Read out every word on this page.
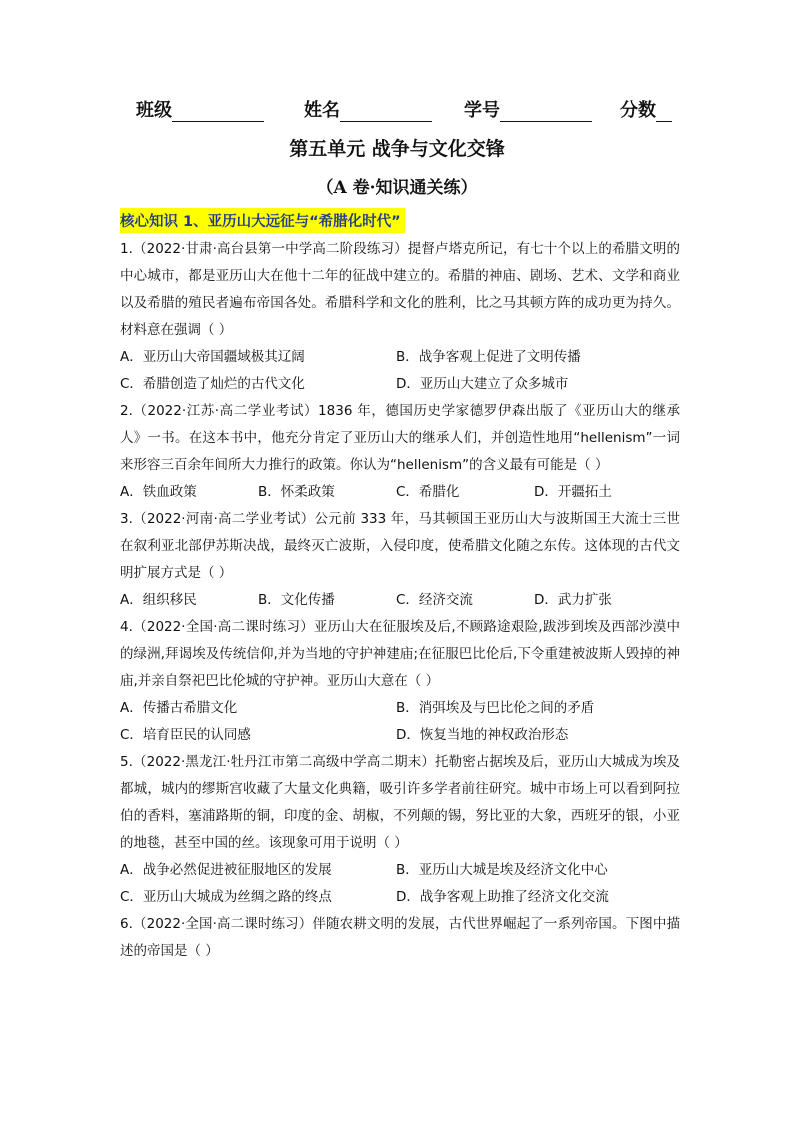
班级	姓名	学号	分数
第五单元 战争与文化交锋
（A 卷·知识通关练）
核心知识 1、亚历山大远征与“希腊化时代”
1.（2022·甘肃·高台县第一中学高二阶段练习）提督卢塔克所记，有七十个以上的希腊文明的中心城市，都是亚历山大在他十二年的征战中建立的。希腊的神庙、剧场、艺术、文学和商业以及希腊的殖民者遍布帝国各处。希腊科学和文化的胜利，比之马其顿方阵的成功更为持久。材料意在强调（ ）
A．亚历山大帝国疆域极其辽阔	B．战争客观上促进了文明传播
C．希腊创造了灿烂的古代文化	D．亚历山大建立了众多城市
2.（2022·江苏·高二学业考试）1836 年，德国历史学家德罗伊森出版了《亚历山大的继承人》一书。在这本书中，他充分肯定了亚历山大的继承人们，并创造性地用“hellenism”一词来形容三百余年间所大力推行的政策。你认为“hellenism”的含义最有可能是（ ）
A．铁血政策	B．怀柔政策	C．希腊化	D．开疆拓土
3.（2022·河南·高二学业考试）公元前 333 年，马其顿国王亚历山大与波斯国王大流士三世在叙利亚北部伊苏斯决战，最终灭亡波斯，入侵印度，使希腊文化随之东传。这体现的古代文明扩展方式是（ ）
A．组织移民	B．文化传播	C．经济交流	D．武力扩张
4.（2022·全国·高二课时练习）亚历山大在征服埃及后,不顾路途艰险,跋涉到埃及西部沙漠中的绿洲,拜谒埃及传统信仰,并为当地的守护神建庙;在征服巴比伦后,下令重建被波斯人毁掉的神庙,并亲自祭祀巴比伦城的守护神。亚历山大意在（ ）
A．传播古希腊文化	B．消弭埃及与巴比伦之间的矛盾
C．培育臣民的认同感	D．恢复当地的神权政治形态
5.（2022·黑龙江·牡丹江市第二高级中学高二期末）托勒密占据埃及后，亚历山大城成为埃及都城，城内的缪斯宫收藏了大量文化典籍，吸引许多学者前往研究。城中市场上可以看到阿拉伯的香料，塞浦路斯的铜，印度的金、胡椒，不列颠的锡，努比亚的大象，西班牙的银，小亚的地毯，甚至中国的丝。该现象可用于说明（ ）
A．战争必然促进被征服地区的发展	B．亚历山大城是埃及经济文化中心
C．亚历山大城成为丝绸之路的终点	D．战争客观上助推了经济文化交流
6.（2022·全国·高二课时练习）伴随农耕文明的发展，古代世界崛起了一系列帝国。下图中描述的帝国是（ ）
